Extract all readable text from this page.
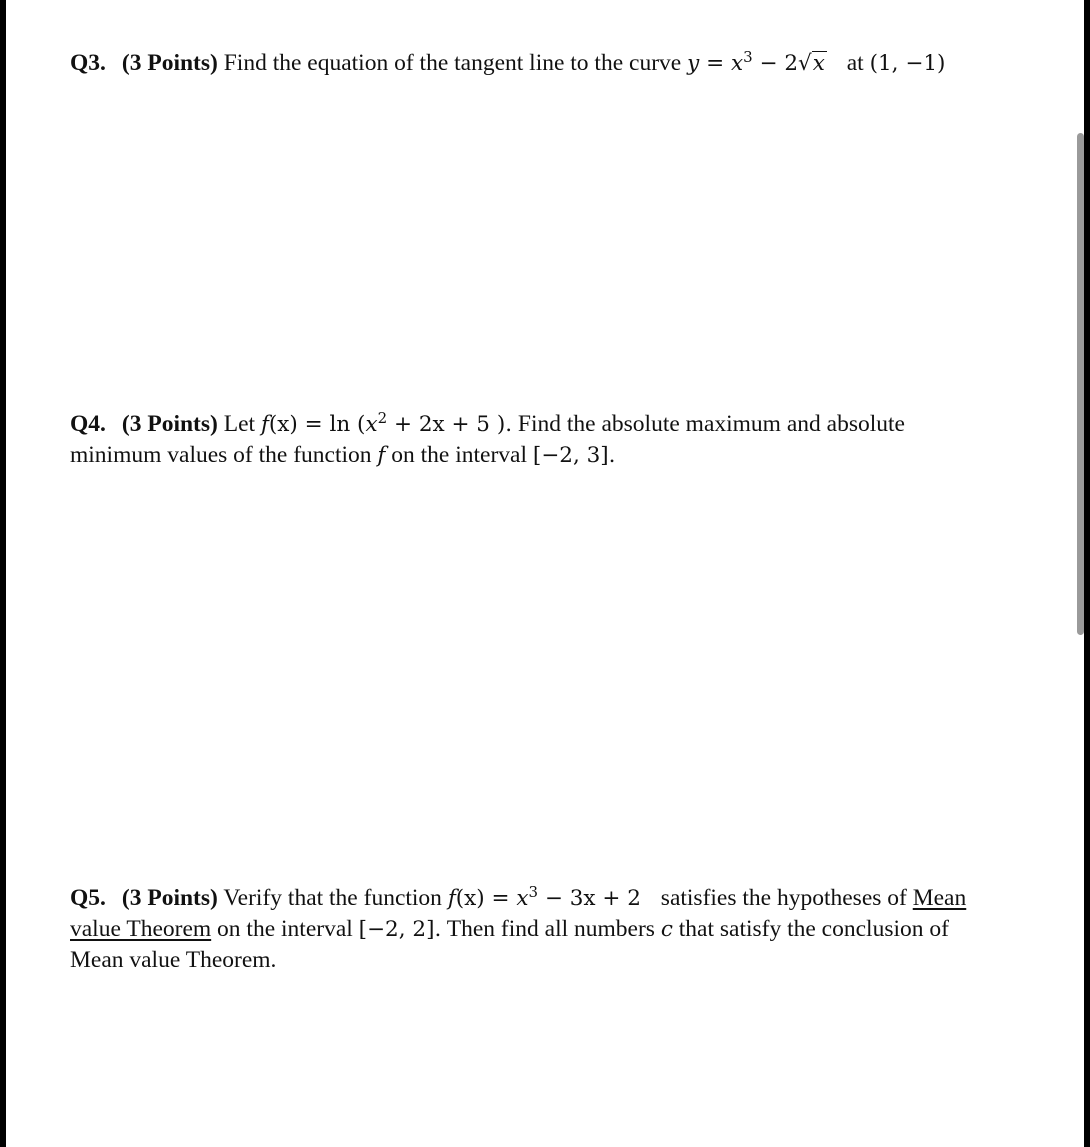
Q3. (3 Points) Find the equation of the tangent line to the curve $y = x^3 - 2√x$ at (1, −1)
Q4. (3 Points) Let $f(x) = \ln (x^2 + 2x + 5$ ). Find the absolute maximum and absolute
minimum values of the function f on the interval [−2, 3].
Q5. (3 Points) Verify that the function $f(x) = x^3 - 3x + 2$ satisfies the hypotheses of Mean
value Theorem on the interval [−2, 2]. Then find all numbers c that satisfy the conclusion of
Mean value Theorem.
